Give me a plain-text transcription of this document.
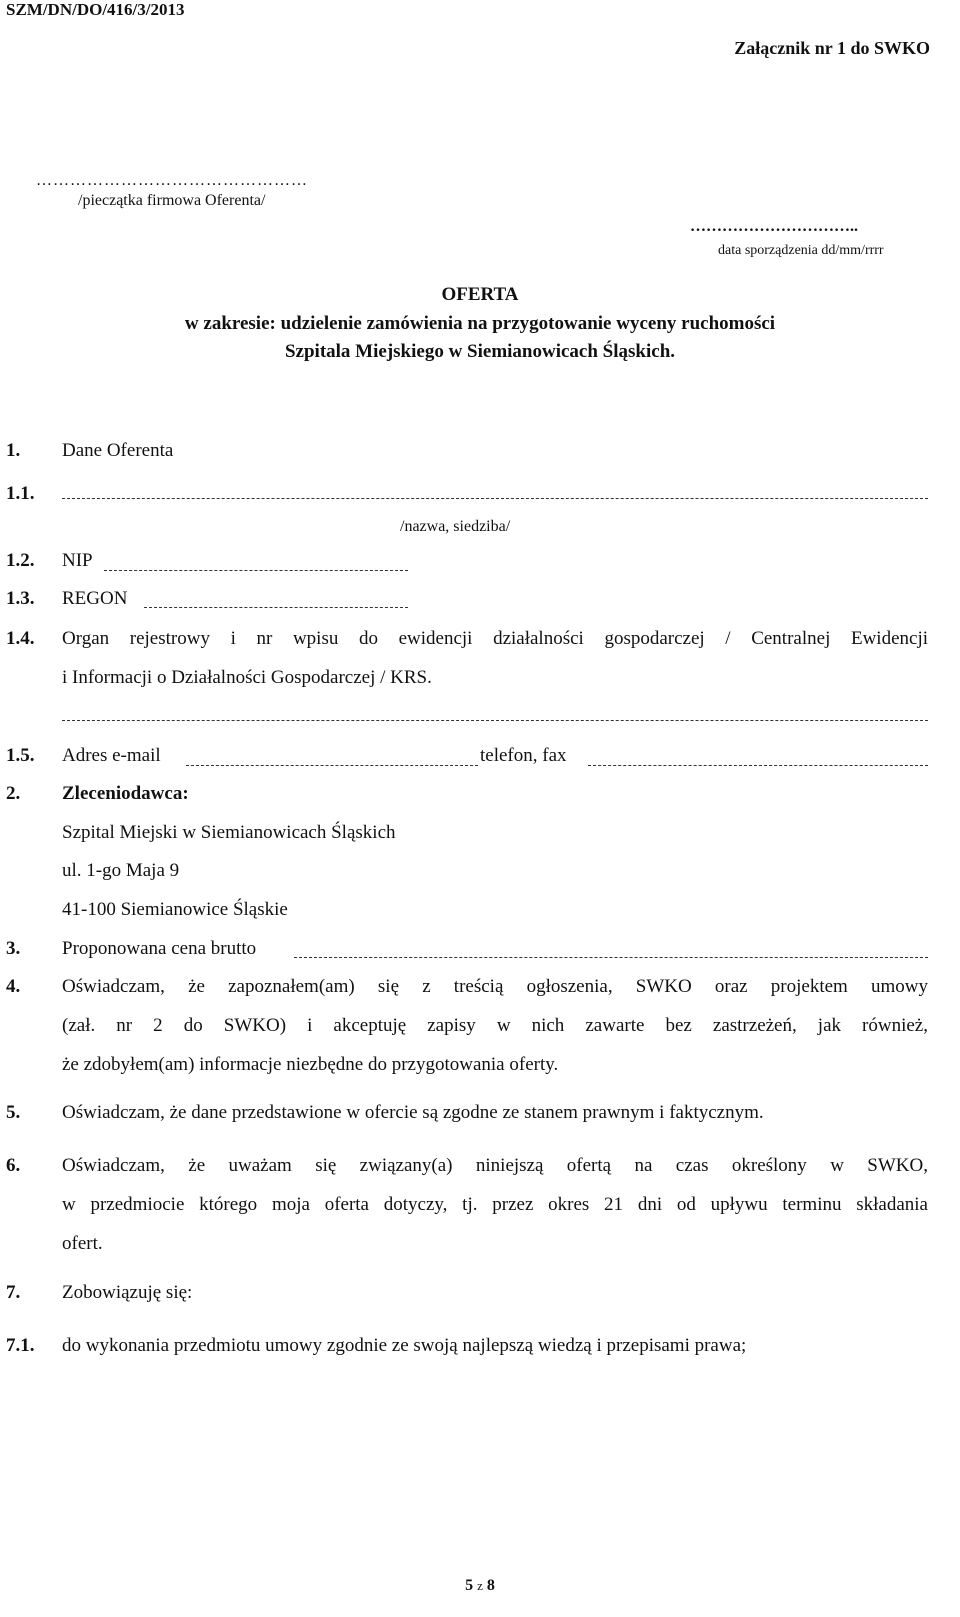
SZM/DN/DO/416/3/2013
Załącznik nr 1 do SWKO
…………………………………………
/pieczątka firmowa Oferenta/
…………………………..
data sporządzenia dd/mm/rrrr
OFERTA
w zakresie: udzielenie zamówienia na przygotowanie wyceny ruchomości
Szpitala Miejskiego w Siemianowicach Śląskich.
1. Dane Oferenta
1.1.
/nazwa, siedziba/
1.2. NIP
1.3. REGON
1.4. Organ rejestrowy i nr wpisu do ewidencji działalności gospodarczej / Centralnej Ewidencji
i Informacji o Działalności Gospodarczej / KRS.
1.5. Adres e-mail	telefon, fax
2. Zleceniodawca:
Szpital Miejski w Siemianowicach Śląskich
ul. 1-go Maja 9
41-100 Siemianowice Śląskie
3. Proponowana cena brutto
4. Oświadczam, że zapoznałem(am) się z treścią ogłoszenia, SWKO oraz projektem umowy
(zał. nr 2 do SWKO) i akceptuję zapisy w nich zawarte bez zastrzeżeń, jak również,
że zdobyłem(am) informacje niezbędne do przygotowania oferty.
5. Oświadczam, że dane przedstawione w ofercie są zgodne ze stanem prawnym i faktycznym.
6. Oświadczam, że uważam się związany(a) niniejszą ofertą na czas określony w SWKO,
w przedmiocie którego moja oferta dotyczy, tj. przez okres 21 dni od upływu terminu składania
ofert.
7. Zobowiązuję się:
7.1. do wykonania przedmiotu umowy zgodnie ze swoją najlepszą wiedzą i przepisami prawa;
5 z 8
